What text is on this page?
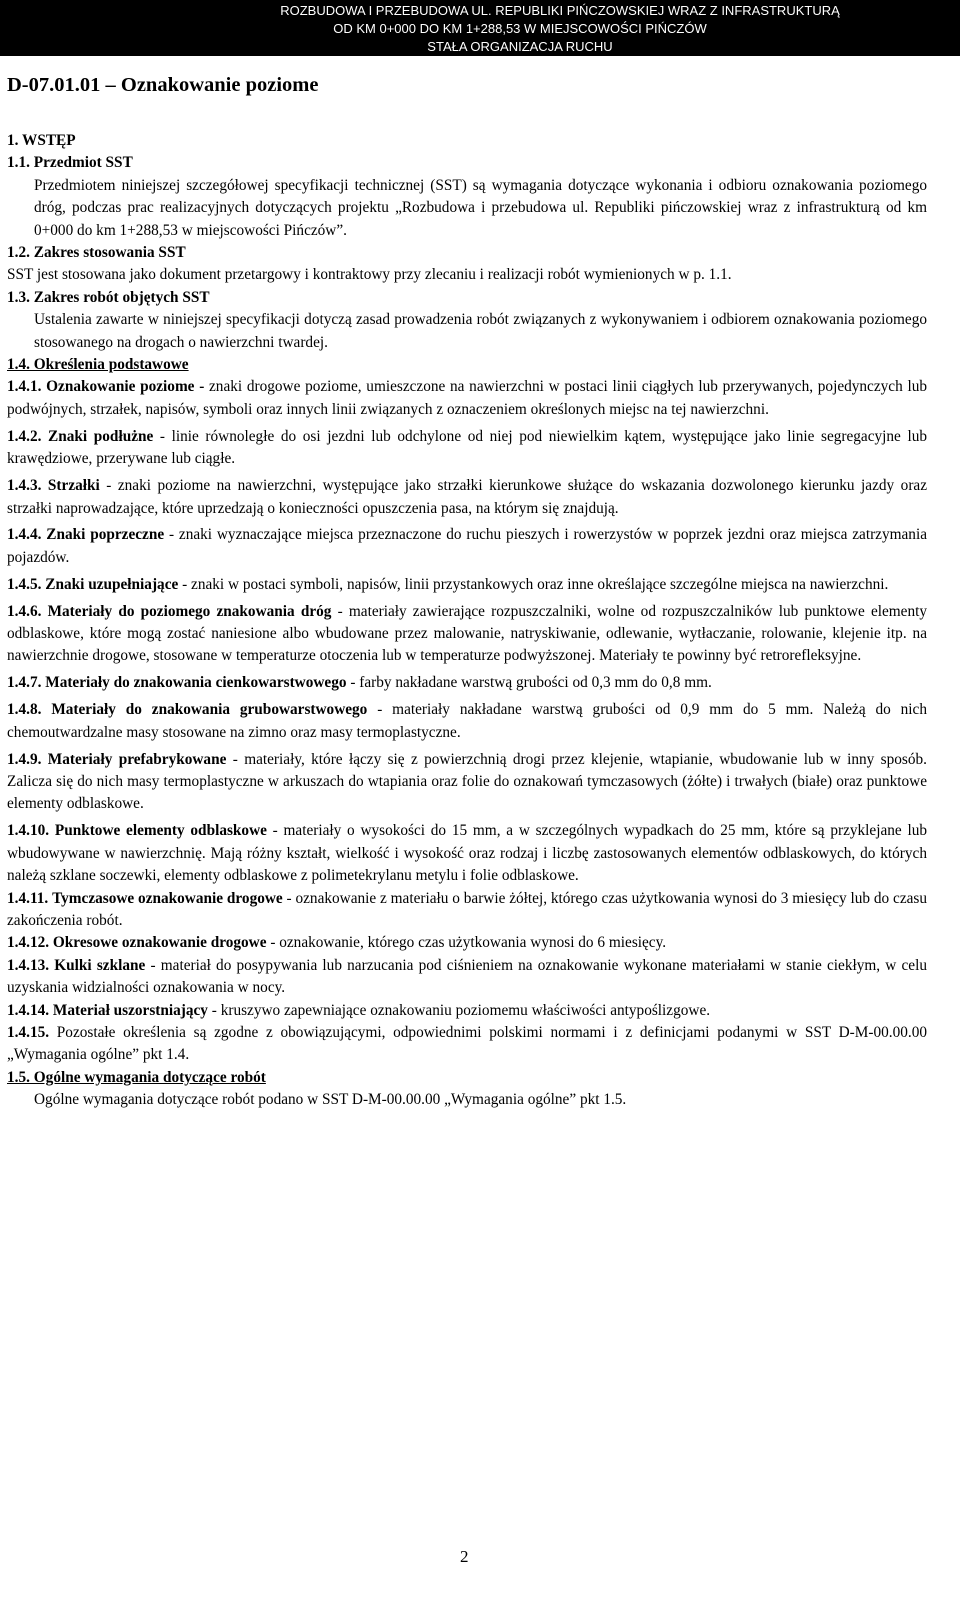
ROZBUDOWA I PRZEBUDOWA UL. REPUBLIKI PIŃCZOWSKIEJ WRAZ Z INFRASTRUKTURĄ
OD KM 0+000 DO KM 1+288,53 W MIEJSCOWOŚCI PIŃCZÓW
STAŁA ORGANIZACJA RUCHU
D-07.01.01 – Oznakowanie poziome

1. WSTĘP

1.1. Przedmiot SST

Przedmiotem niniejszej szczegółowej specyfikacji technicznej (SST) są wymagania dotyczące wykonania i odbioru oznakowania poziomego dróg, podczas prac realizacyjnych dotyczących projektu „Rozbudowa i przebudowa ul. Republiki pińczowskiej wraz z infrastrukturą od km 0+000 do km 1+288,53 w miejscowości Pińczów”.

1.2. Zakres stosowania SST

SST jest stosowana jako dokument przetargowy i kontraktowy przy zlecaniu i realizacji robót wymienionych w p. 1.1.

1.3. Zakres robót objętych SST

Ustalenia zawarte w niniejszej specyfikacji dotyczą zasad prowadzenia robót związanych z wykonywaniem i odbiorem oznakowania poziomego stosowanego na drogach o nawierzchni twardej.

1.4. Określenia podstawowe

1.4.1. Oznakowanie poziome - znaki drogowe poziome, umieszczone na nawierzchni w postaci linii ciągłych lub przerywanych, pojedynczych lub podwójnych, strzałek, napisów, symboli oraz innych linii związanych z oznaczeniem określonych miejsc na tej nawierzchni.

1.4.2. Znaki podłużne - linie równoległe do osi jezdni lub odchylone od niej pod niewielkim kątem, występujące jako linie segregacyjne lub krawędziowe, przerywane lub ciągłe.

1.4.3. Strzałki - znaki poziome na nawierzchni, występujące jako strzałki kierunkowe służące do wskazania dozwolonego kierunku jazdy oraz strzałki naprowadzające, które uprzedzają o konieczności opuszczenia pasa, na którym się znajdują.

1.4.4. Znaki poprzeczne - znaki wyznaczające miejsca przeznaczone do ruchu pieszych i rowerzystów w poprzek jezdni oraz miejsca zatrzymania pojazdów.

1.4.5. Znaki uzupełniające - znaki w postaci symboli, napisów, linii przystankowych oraz inne określające szczególne miejsca na nawierzchni.

1.4.6. Materiały do poziomego znakowania dróg - materiały zawierające rozpuszczalniki, wolne od rozpuszczalników lub punktowe elementy odblaskowe, które mogą zostać naniesione albo wbudowane przez malowanie, natryskiwanie, odlewanie, wytłaczanie, rolowanie, klejenie itp. na nawierzchnie drogowe, stosowane w temperaturze otoczenia lub w temperaturze podwyższonej. Materiały te powinny być retrorefleksyjne.

1.4.7. Materiały do znakowania cienkowarstwowego - farby nakładane warstwą grubości od 0,3 mm do 0,8 mm.

1.4.8. Materiały do znakowania grubowarstwowego - materiały nakładane warstwą grubości od 0,9 mm do 5 mm. Należą do nich chemoutwardzalne masy stosowane na zimno oraz masy termoplastyczne.

1.4.9. Materiały prefabrykowane - materiały, które łączy się z powierzchnią drogi przez klejenie, wtapianie, wbudowanie lub w inny sposób. Zalicza się do nich masy termoplastyczne w arkuszach do wtapiania oraz folie do oznakowań tymczasowych (żółte) i trwałych (białe) oraz punktowe elementy odblaskowe.

1.4.10. Punktowe elementy odblaskowe - materiały o wysokości do 15 mm, a w szczególnych wypadkach do 25 mm, które są przyklejane lub wbudowywane w nawierzchnię. Mają różny kształt, wielkość i wysokość oraz rodzaj i liczbę zastosowanych elementów odblaskowych, do których należą szklane soczewki, elementy odblaskowe z polimetekrylanu metylu i folie odblaskowe.

1.4.11. Tymczasowe oznakowanie drogowe - oznakowanie z materiału o barwie żółtej, którego czas użytkowania wynosi do 3 miesięcy lub do czasu zakończenia robót.

1.4.12. Okresowe oznakowanie drogowe - oznakowanie, którego czas użytkowania wynosi do 6 miesięcy.

1.4.13. Kulki szklane - materiał do posypywania lub narzucania pod ciśnieniem na oznakowanie wykonane materiałami w stanie ciekłym, w celu uzyskania widzialności oznakowania w nocy.

1.4.14. Materiał uszorstniający - kruszywo zapewniające oznakowaniu poziomemu właściwości antypoślizgowe.

1.4.15. Pozostałe określenia są zgodne z obowiązującymi, odpowiednimi polskimi normami i z definicjami podanymi w SST D-M-00.00.00 „Wymagania ogólne” pkt 1.4.

1.5. Ogólne wymagania dotyczące robót

Ogólne wymagania dotyczące robót podano w SST D-M-00.00.00 „Wymagania ogólne” pkt 1.5.

2
